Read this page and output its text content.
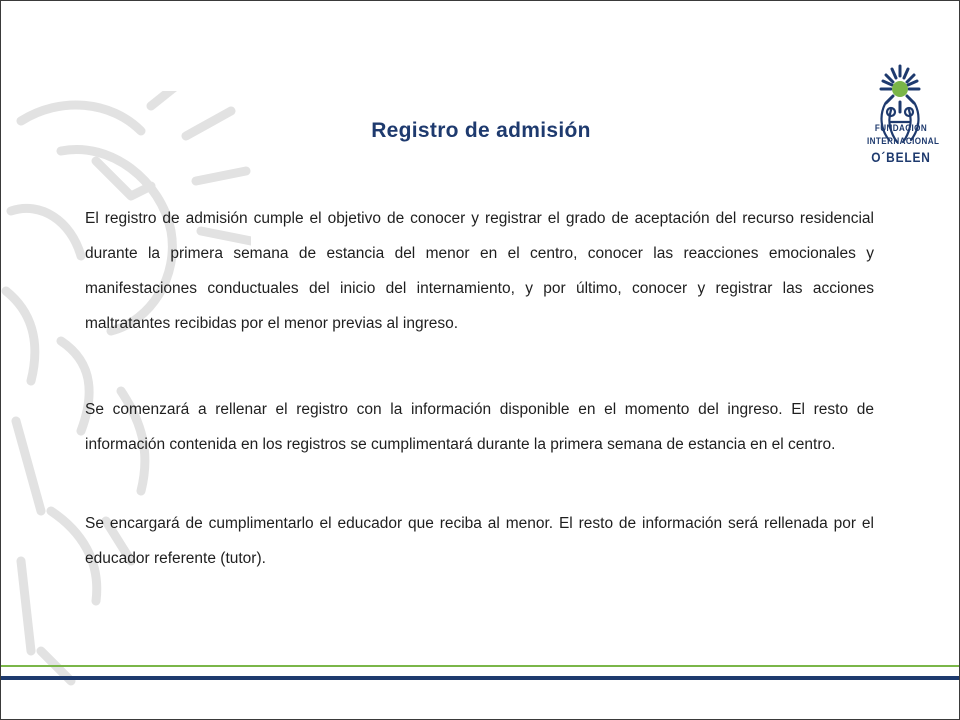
FUNDACIÓN
INTERNACIONAL
O´BELEN
Registro de admisión

El registro de admisión cumple el objetivo de conocer y registrar el grado de aceptación del recurso residencial durante la primera semana de estancia del menor en el centro, conocer las reacciones emocionales y manifestaciones conductuales del inicio del internamiento, y por último, conocer y registrar las acciones maltratantes recibidas por el menor previas al ingreso.

Se comenzará a rellenar el registro con la información disponible en el momento del ingreso. El resto de información contenida en los registros se cumplimentará durante la primera semana de estancia en el centro.

Se encargará de cumplimentarlo el educador que reciba al menor. El resto de información será rellenada por el educador referente (tutor).
